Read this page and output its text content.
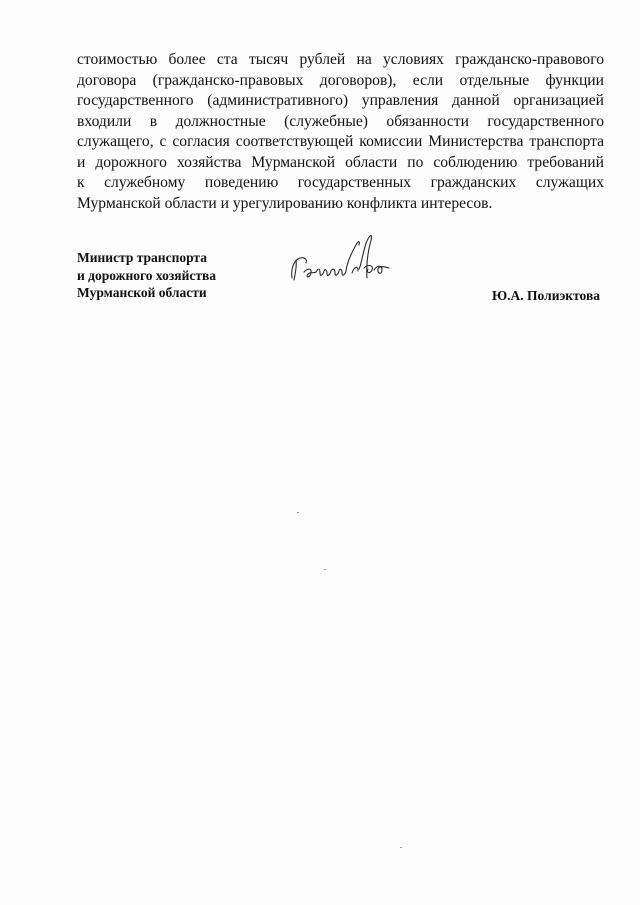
стоимостью более ста тысяч рублей на условиях гражданско-правового
договора (гражданско-правовых договоров), если отдельные функции
государственного (административного) управления данной организацией
входили в должностные (служебные) обязанности государственного
служащего, с согласия соответствующей комиссии Министерства транспорта
и дорожного хозяйства Мурманской области по соблюдению требований
к служебному поведению государственных гражданских служащих
Мурманской области и урегулированию конфликта интересов.
Министр транспорта
и дорожного хозяйства
Мурманской области	Ю.А. Полиэктова
